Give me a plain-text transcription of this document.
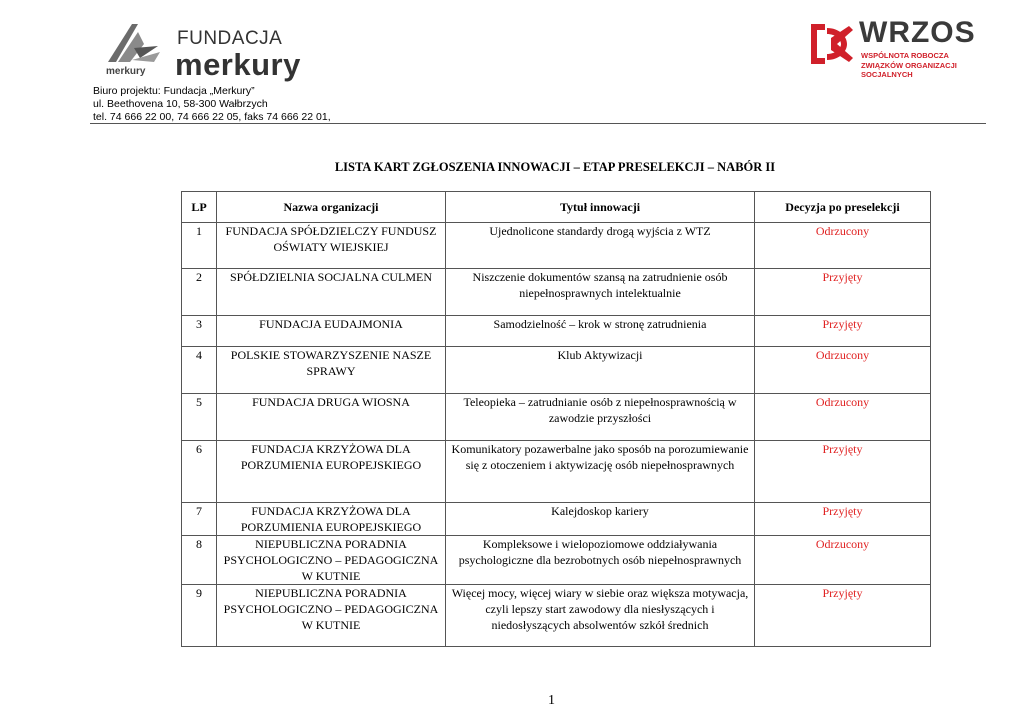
merkury
FUNDACJA
merkury
WRZOS
WSPÓLNOTA ROBOCZA ZWIĄZKÓW ORGANIZACJI SOCJALNYCH
Biuro projektu: Fundacja „Merkury”
ul. Beethovena 10, 58-300 Wałbrzych
tel. 74 666 22 00, 74 666 22 05, faks 74 666 22 01,
LISTA KART ZGŁOSZENIA INNOWACJI – ETAP PRESELEKCJI – NABÓR II
LP	Nazwa organizacji	Tytuł innowacji	Decyzja po preselekcji
1	FUNDACJA SPÓŁDZIELCZY FUNDUSZ OŚWIATY WIEJSKIEJ	Ujednolicone standardy drogą wyjścia z WTZ	Odrzucony
2	SPÓŁDZIELNIA SOCJALNA CULMEN	Niszczenie dokumentów szansą na zatrudnienie osób niepełnosprawnych intelektualnie	Przyjęty
3	FUNDACJA EUDAJMONIA	Samodzielność – krok w stronę zatrudnienia	Przyjęty
4	POLSKIE STOWARZYSZENIE NASZE SPRAWY	Klub Aktywizacji	Odrzucony
5	FUNDACJA DRUGA WIOSNA	Teleopieka – zatrudnianie osób z niepełnosprawnością w zawodzie przyszłości	Odrzucony
6	FUNDACJA KRZYŻOWA DLA PORZUMIENIA EUROPEJSKIEGO	Komunikatory pozawerbalne jako sposób na porozumiewanie się z otoczeniem i aktywizację osób niepełnosprawnych	Przyjęty
7	FUNDACJA KRZYŻOWA DLA PORZUMIENIA EUROPEJSKIEGO	Kalejdoskop kariery	Przyjęty
8	NIEPUBLICZNA PORADNIA PSYCHOLOGICZNO – PEDAGOGICZNA W KUTNIE	Kompleksowe i wielopoziomowe oddziaływania psychologiczne dla bezrobotnych osób niepełnosprawnych	Odrzucony
9	NIEPUBLICZNA PORADNIA PSYCHOLOGICZNO – PEDAGOGICZNA W KUTNIE	Więcej mocy, więcej wiary w siebie oraz większa motywacja, czyli lepszy start zawodowy dla niesłyszących i niedosłyszących absolwentów szkół średnich	Przyjęty
1
